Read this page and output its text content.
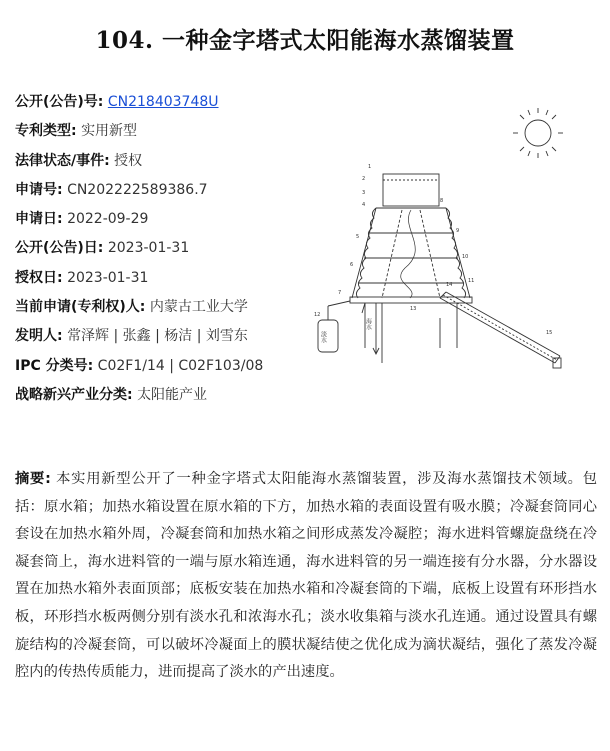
104. 一种金字塔式太阳能海水蒸馏装置
公开(公告)号: CN218403748U
专利类型: 实用新型
法律状态/事件: 授权
申请号: CN202222589386.7
申请日: 2022-09-29
公开(公告)日: 2023-01-31
授权日: 2023-01-31
当前申请(专利权)人: 内蒙古工业大学
发明人: 常泽辉 | 张鑫 | 杨洁 | 刘雪东
IPC 分类号: C02F1/14 | C02F103/08
战略新兴产业分类: 太阳能产业
淡水
海水
1
2
3
4
5
6
7
8
9
10
11
12
13
14
15
摘要: 本实用新型公开了一种金字塔式太阳能海水蒸馏装置，涉及海水蒸馏技术领域。包括：原水箱；加热水箱设置在原水箱的下方，加热水箱的表面设置有吸水膜；冷凝套筒同心套设在加热水箱外周，冷凝套筒和加热水箱之间形成蒸发冷凝腔；海水进料管螺旋盘绕在冷凝套筒上，海水进料管的一端与原水箱连通，海水进料管的另一端连接有分水器，分水器设置在加热水箱外表面顶部；底板安装在加热水箱和冷凝套筒的下端，底板上设置有环形挡水板，环形挡水板两侧分别有淡水孔和浓海水孔；淡水收集箱与淡水孔连通。通过设置具有螺旋结构的冷凝套筒，可以破坏冷凝面上的膜状凝结使之优化成为滴状凝结，强化了蒸发冷凝腔内的传热传质能力，进而提高了淡水的产出速度。
